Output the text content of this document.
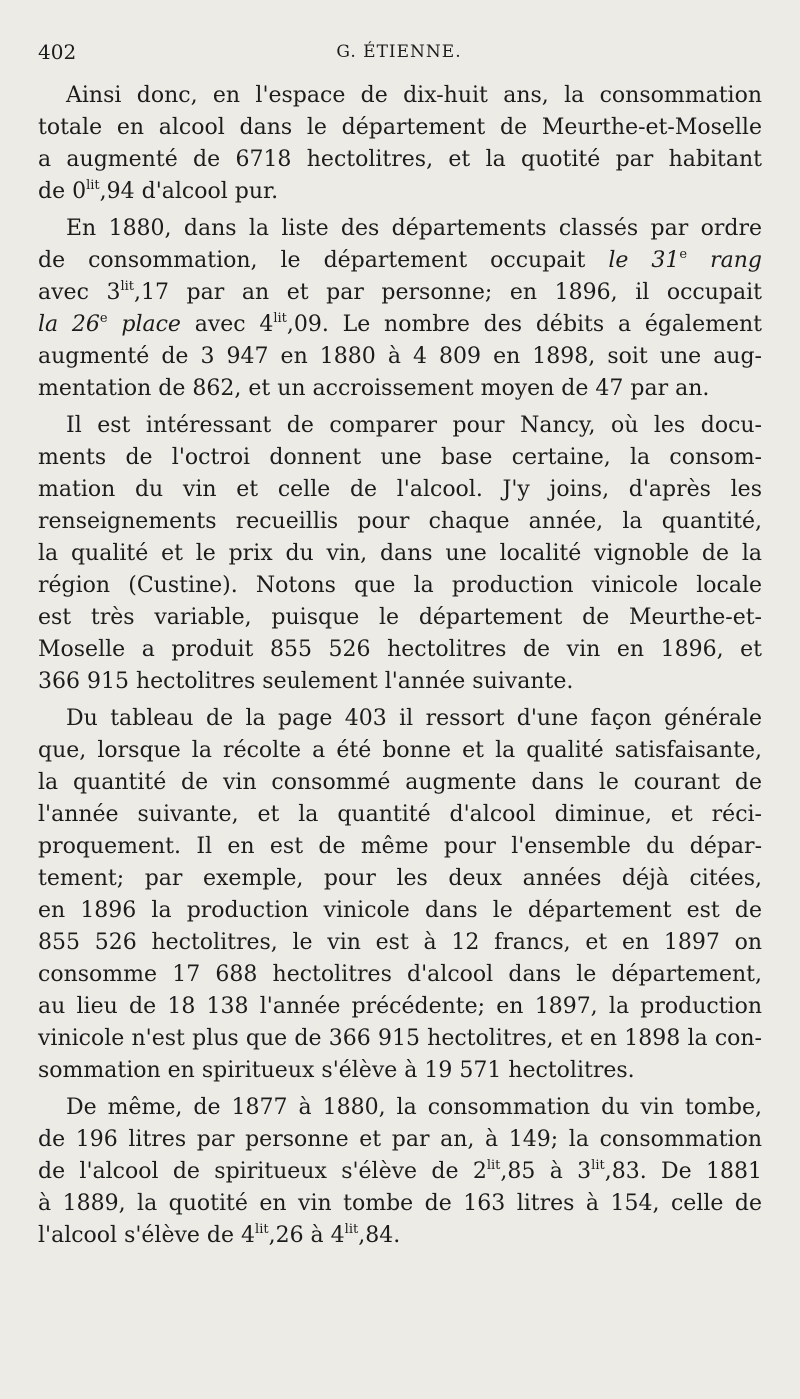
402	G. ÉTIENNE.

Ainsi donc, en l'espace de dix-huit ans, la consommation
totale en alcool dans le département de Meurthe-et-Moselle
a augmenté de 6718 hectolitres, et la quotité par habitant
de $0^{lit},94$ d'alcool pur.

En 1880, dans la liste des départements classés par ordre
de consommation, le département occupait le 31e rang
avec $3^{lit},17$ par an et par personne; en 1896, il occupait
la 26e place avec $4^{lit},09$. Le nombre des débits a également
augmenté de 3 947 en 1880 à 4 809 en 1898, soit une aug-
mentation de 862, et un accroissement moyen de 47 par an.

Il est intéressant de comparer pour Nancy, où les docu-
ments de l'octroi donnent une base certaine, la consom-
mation du vin et celle de l'alcool. J'y joins, d'après les
renseignements recueillis pour chaque année, la quantité,
la qualité et le prix du vin, dans une localité vignoble de la
région (Custine). Notons que la production vinicole locale
est très variable, puisque le département de Meurthe-et-
Moselle a produit 855 526 hectolitres de vin en 1896, et
366 915 hectolitres seulement l'année suivante.

Du tableau de la page 403 il ressort d'une façon générale
que, lorsque la récolte a été bonne et la qualité satisfaisante,
la quantité de vin consommé augmente dans le courant de
l'année suivante, et la quantité d'alcool diminue, et réci-
proquement. Il en est de même pour l'ensemble du dépar-
tement; par exemple, pour les deux années déjà citées,
en 1896 la production vinicole dans le département est de
855 526 hectolitres, le vin est à 12 francs, et en 1897 on
consomme 17 688 hectolitres d'alcool dans le département,
au lieu de 18 138 l'année précédente; en 1897, la production
vinicole n'est plus que de 366 915 hectolitres, et en 1898 la con-
sommation en spiritueux s'élève à 19 571 hectolitres.

De même, de 1877 à 1880, la consommation du vin tombe,
de 196 litres par personne et par an, à 149; la consommation
de l'alcool de spiritueux s'élève de $2^{lit},85$ à $3^{lit},83$. De 1881
à 1889, la quotité en vin tombe de 163 litres à 154, celle de
l'alcool s'élève de $4^{lit},26$ à $4^{lit},84$.
